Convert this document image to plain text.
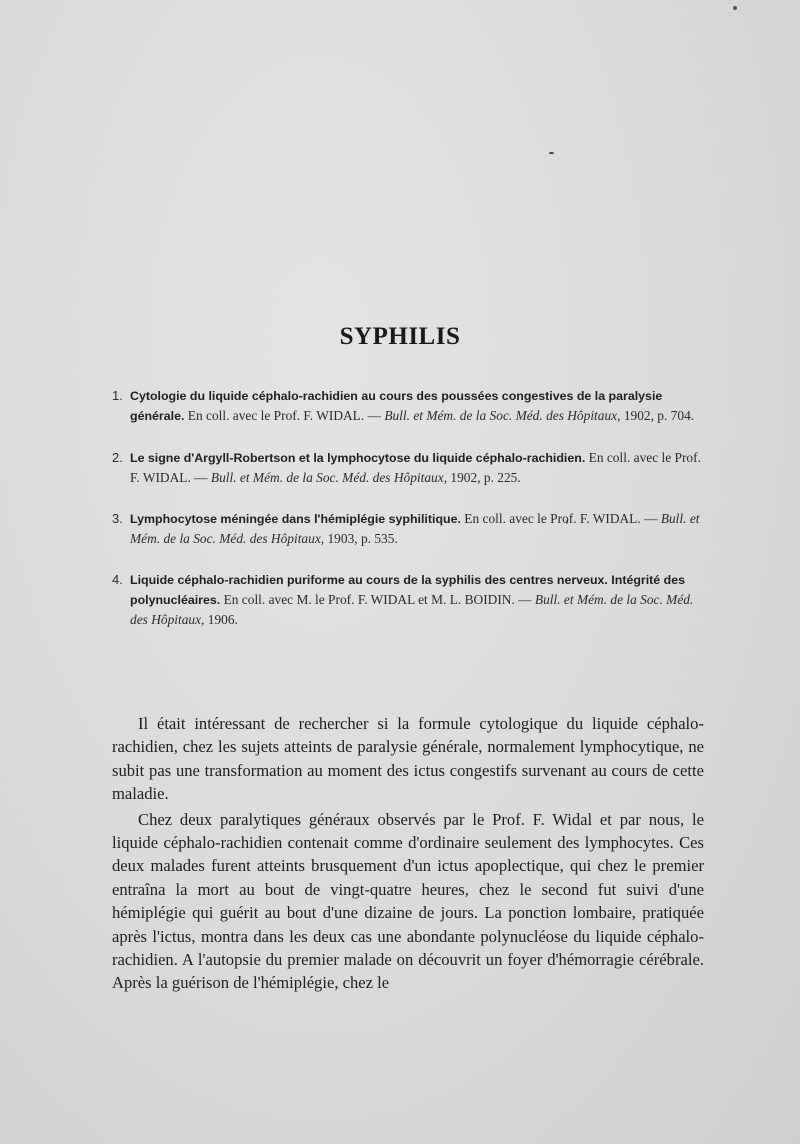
SYPHILIS
1. Cytologie du liquide céphalo-rachidien au cours des poussées congestives de la paralysie générale. En coll. avec le Prof. F. WIDAL. — Bull. et Mém. de la Soc. Méd. des Hôpitaux, 1902, p. 704.
2. Le signe d'Argyll-Robertson et la lymphocytose du liquide céphalo-rachidien. En coll. avec le Prof. F. WIDAL. — Bull. et Mém. de la Soc. Méd. des Hôpitaux, 1902, p. 225.
3. Lymphocytose méningée dans l'hémiplégie syphilitique. En coll. avec le Prof. F. WIDAL. — Bull. et Mém. de la Soc. Méd. des Hôpitaux, 1903, p. 535.
4. Liquide céphalo-rachidien puriforme au cours de la syphilis des centres nerveux. Intégrité des polynucléaires. En coll. avec M. le Prof. F. WIDAL et M. L. BOIDIN. — Bull. et Mém. de la Soc. Méd. des Hôpitaux, 1906.

Il était intéressant de rechercher si la formule cytologique du liquide céphalo-rachidien, chez les sujets atteints de paralysie générale, normalement lymphocytique, ne subit pas une transformation au moment des ictus congestifs survenant au cours de cette maladie.

Chez deux paralytiques généraux observés par le Prof. F. Widal et par nous, le liquide céphalo-rachidien contenait comme d'ordinaire seulement des lymphocytes. Ces deux malades furent atteints brusquement d'un ictus apoplectique, qui chez le premier entraîna la mort au bout de vingt-quatre heures, chez le second fut suivi d'une hémiplégie qui guérit au bout d'une dizaine de jours. La ponction lombaire, pratiquée après l'ictus, montra dans les deux cas une abondante polynucléose du liquide céphalo-rachidien. A l'autopsie du premier malade on découvrit un foyer d'hémorragie cérébrale. Après la guérison de l'hémiplégie, chez le
